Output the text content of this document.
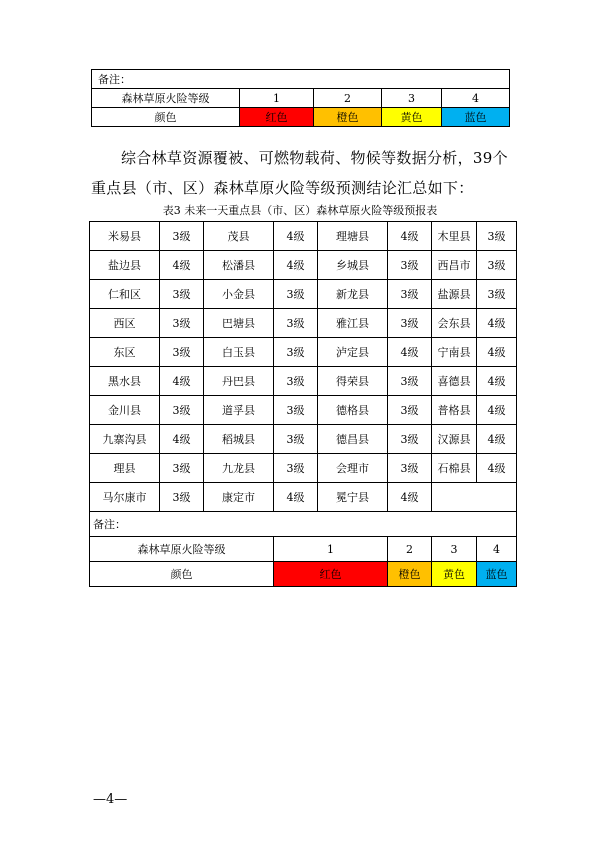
备注：				
森林草原火险等级	1	2	3	4
颜色	红色	橙色	黄色	蓝色

综合林草资源覆被、可燃物载荷、物候等数据分析，39个重点县（市、区）森林草原火险等级预测结论汇总如下：

表3 未来一天重点县（市、区）森林草原火险等级预报表

米易县	3级	茂县	4级	理塘县	4级	木里县	3级
盐边县	4级	松潘县	4级	乡城县	3级	西昌市	3级
仁和区	3级	小金县	3级	新龙县	3级	盐源县	3级
西区	3级	巴塘县	3级	雅江县	3级	会东县	4级
东区	3级	白玉县	3级	泸定县	4级	宁南县	4级
黑水县	4级	丹巴县	3级	得荣县	3级	喜德县	4级
金川县	3级	道孚县	3级	德格县	3级	普格县	4级
九寨沟县	4级	稻城县	3级	德昌县	3级	汉源县	4级
理县	3级	九龙县	3级	会理市	3级	石棉县	4级
马尔康市	3级	康定市	4级	冕宁县	4级		
备注：							
森林草原火险等级			1		2	3	4
颜色			红色		橙色	黄色	蓝色

—4—
